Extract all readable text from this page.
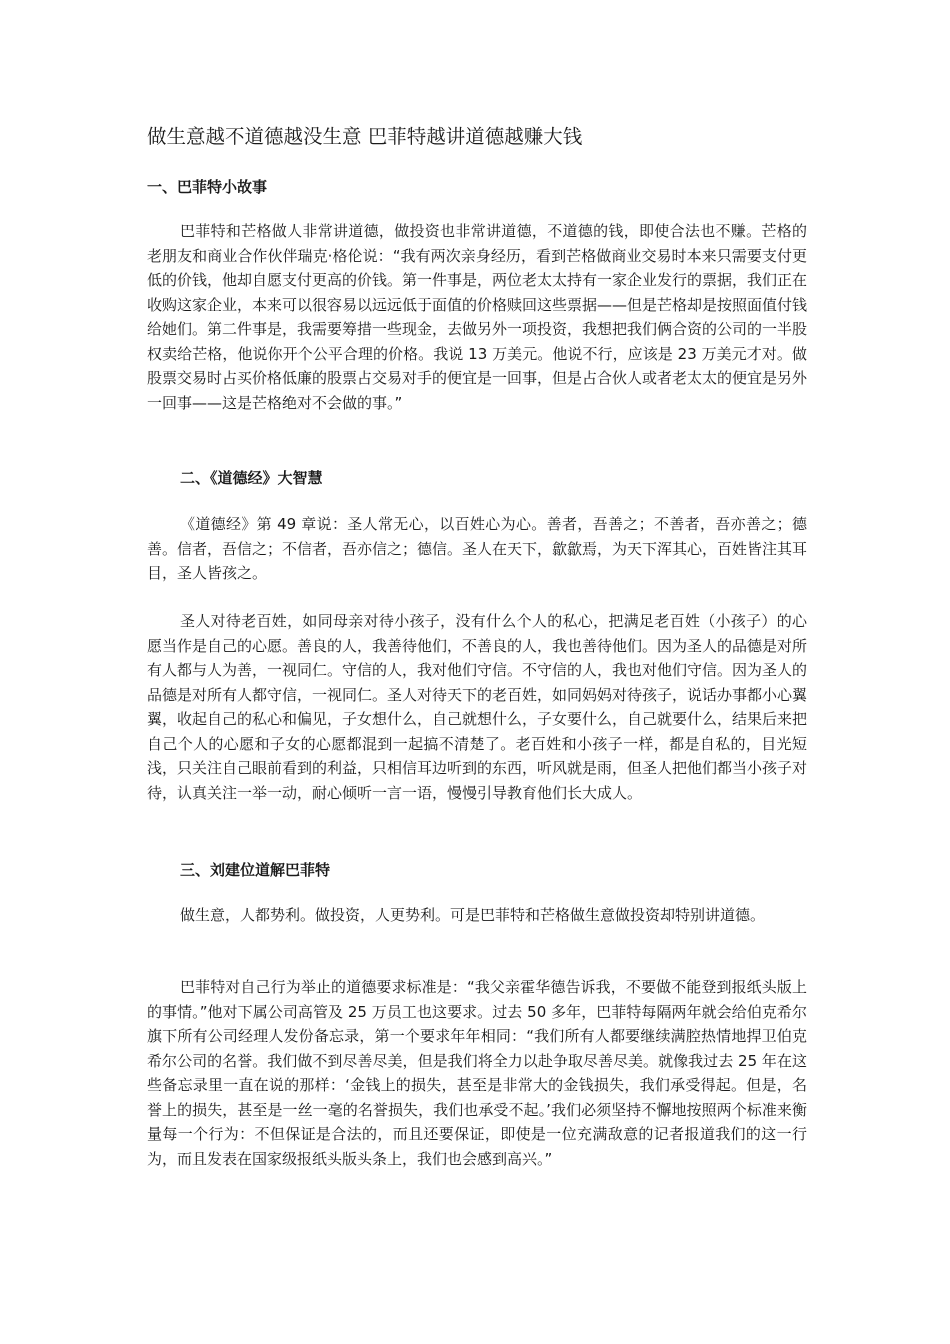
做生意越不道德越没生意 巴菲特越讲道德越赚大钱
一、巴菲特小故事

巴菲特和芒格做人非常讲道德，做投资也非常讲道德，不道德的钱，即使合法也不赚。芒格的老朋友和商业合作伙伴瑞克·格伦说：“我有两次亲身经历，看到芒格做商业交易时本来只需要支付更低的价钱，他却自愿支付更高的价钱。第一件事是，两位老太太持有一家企业发行的票据，我们正在收购这家企业，本来可以很容易以远远低于面值的价格赎回这些票据——但是芒格却是按照面值付钱给她们。第二件事是，我需要筹措一些现金，去做另外一项投资，我想把我们俩合资的公司的一半股权卖给芒格，他说你开个公平合理的价格。我说 13 万美元。他说不行，应该是 23 万美元才对。做股票交易时占买价格低廉的股票占交易对手的便宜是一回事，但是占合伙人或者老太太的便宜是另外一回事——这是芒格绝对不会做的事。”

二、《道德经》大智慧

《道德经》第 49 章说：圣人常无心，以百姓心为心。善者，吾善之；不善者，吾亦善之；德善。信者，吾信之；不信者，吾亦信之；德信。圣人在天下，歙歙焉，为天下浑其心，百姓皆注其耳目，圣人皆孩之。

圣人对待老百姓，如同母亲对待小孩子，没有什么个人的私心，把满足老百姓（小孩子）的心愿当作是自己的心愿。善良的人，我善待他们，不善良的人，我也善待他们。因为圣人的品德是对所有人都与人为善，一视同仁。守信的人，我对他们守信。不守信的人，我也对他们守信。因为圣人的品德是对所有人都守信，一视同仁。圣人对待天下的老百姓，如同妈妈对待孩子，说话办事都小心翼翼，收起自己的私心和偏见，子女想什么，自己就想什么，子女要什么，自己就要什么，结果后来把自己个人的心愿和子女的心愿都混到一起搞不清楚了。老百姓和小孩子一样，都是自私的，目光短浅，只关注自己眼前看到的利益，只相信耳边听到的东西，听风就是雨，但圣人把他们都当小孩子对待，认真关注一举一动，耐心倾听一言一语，慢慢引导教育他们长大成人。

三、刘建位道解巴菲特

做生意，人都势利。做投资，人更势利。可是巴菲特和芒格做生意做投资却特别讲道德。

巴菲特对自己行为举止的道德要求标准是：“我父亲霍华德告诉我，不要做不能登到报纸头版上的事情。”他对下属公司高管及 25 万员工也这要求。过去 50 多年，巴菲特每隔两年就会给伯克希尔旗下所有公司经理人发份备忘录，第一个要求年年相同：“我们所有人都要继续满腔热情地捍卫伯克希尔公司的名誉。我们做不到尽善尽美，但是我们将全力以赴争取尽善尽美。就像我过去 25 年在这些备忘录里一直在说的那样：‘金钱上的损失，甚至是非常大的金钱损失，我们承受得起。但是，名誉上的损失，甚至是一丝一毫的名誉损失，我们也承受不起。’我们必须坚持不懈地按照两个标准来衡量每一个行为：不但保证是合法的，而且还要保证，即使是一位充满敌意的记者报道我们的这一行为，而且发表在国家级报纸头版头条上，我们也会感到高兴。”
